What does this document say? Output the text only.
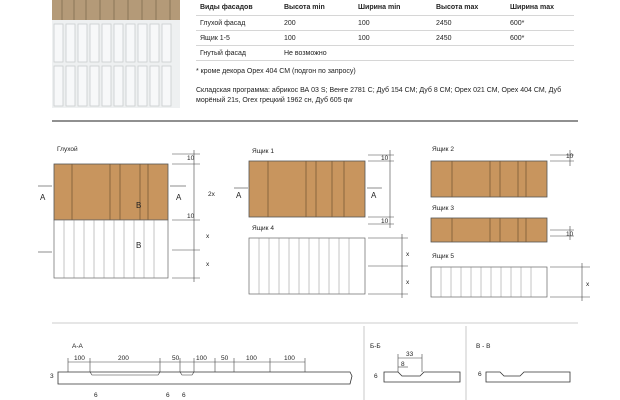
Виды фасадов	Высота min	Ширина min	Высота max	Ширина max
Глухой фасад	200	100	2450	600*
Ящик 1-5	100	100	2450	600*
Гнутый фасад	Не возможно			
* кроме декора Opex 404 CM (подгон по запросу)
Складская программа: абрикос ВА 03 S; Венге 2781 C; Дуб 154 CM; Дуб 8 CM; Opex 021 CM, Opex 404 CM, Дуб морёный 21s, Orex грецкий 1962 cн, Дуб 605 qw
Глухой
10
2x
10
x
x
A	A
B
В
Ящик 1
10
10
A	A
Ящик 2
10
Ящик 3
10
Ящик 4
x
x
Ящик 5
x
А-А
100	200	50	100 50	100	100
3
6	6 6
Б-Б
33
8
6
В - В
6
